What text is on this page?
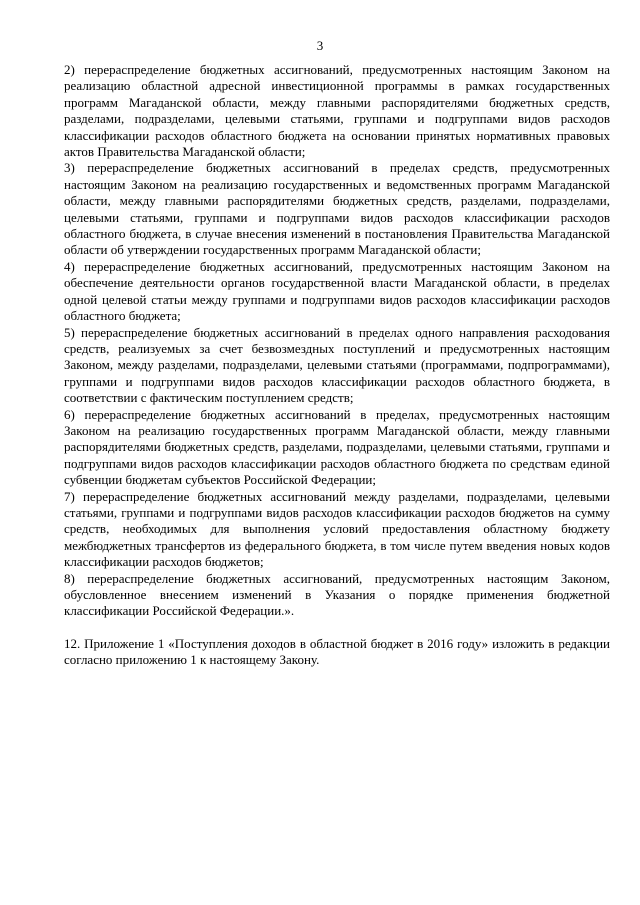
3

2) перераспределение бюджетных ассигнований, предусмотренных настоящим Законом на реализацию областной адресной инвестиционной программы в рамках государственных программ Магаданской области, между главными распорядителями бюджетных средств, разделами, подразделами, целевыми статьями, группами и подгруппами видов расходов классификации расходов областного бюджета на основании принятых нормативных правовых актов Правительства Магаданской области;

3) перераспределение бюджетных ассигнований в пределах средств, предусмотренных настоящим Законом на реализацию государственных и ведомственных программ Магаданской области, между главными распорядителями бюджетных средств, разделами, подразделами, целевыми статьями, группами и подгруппами видов расходов классификации расходов областного бюджета, в случае внесения изменений в постановления Правительства Магаданской области об утверждении государственных программ Магаданской области;

4) перераспределение бюджетных ассигнований, предусмотренных настоящим Законом на обеспечение деятельности органов государственной власти Магаданской области, в пределах одной целевой статьи между группами и подгруппами видов расходов классификации расходов областного бюджета;

5) перераспределение бюджетных ассигнований в пределах одного направления расходования средств, реализуемых за счет безвозмездных поступлений и предусмотренных настоящим Законом, между разделами, подразделами, целевыми статьями (программами, подпрограммами), группами и подгруппами видов расходов классификации расходов областного бюджета, в соответствии с фактическим поступлением средств;

6) перераспределение бюджетных ассигнований в пределах, предусмотренных настоящим Законом на реализацию государственных программ Магаданской области, между главными распорядителями бюджетных средств, разделами, подразделами, целевыми статьями, группами и подгруппами видов расходов классификации расходов областного бюджета по средствам единой субвенции бюджетам субъектов Российской Федерации;

7) перераспределение бюджетных ассигнований между разделами, подразделами, целевыми статьями, группами и подгруппами видов расходов классификации расходов бюджетов на сумму средств, необходимых для выполнения условий предоставления областному бюджету межбюджетных трансфертов из федерального бюджета, в том числе путем введения новых кодов классификации расходов бюджетов;

8) перераспределение бюджетных ассигнований, предусмотренных настоящим Законом, обусловленное внесением изменений в Указания о порядке применения бюджетной классификации Российской Федерации.».

12. Приложение 1 «Поступления доходов в областной бюджет в 2016 году» изложить в редакции согласно приложению 1 к настоящему Закону.
